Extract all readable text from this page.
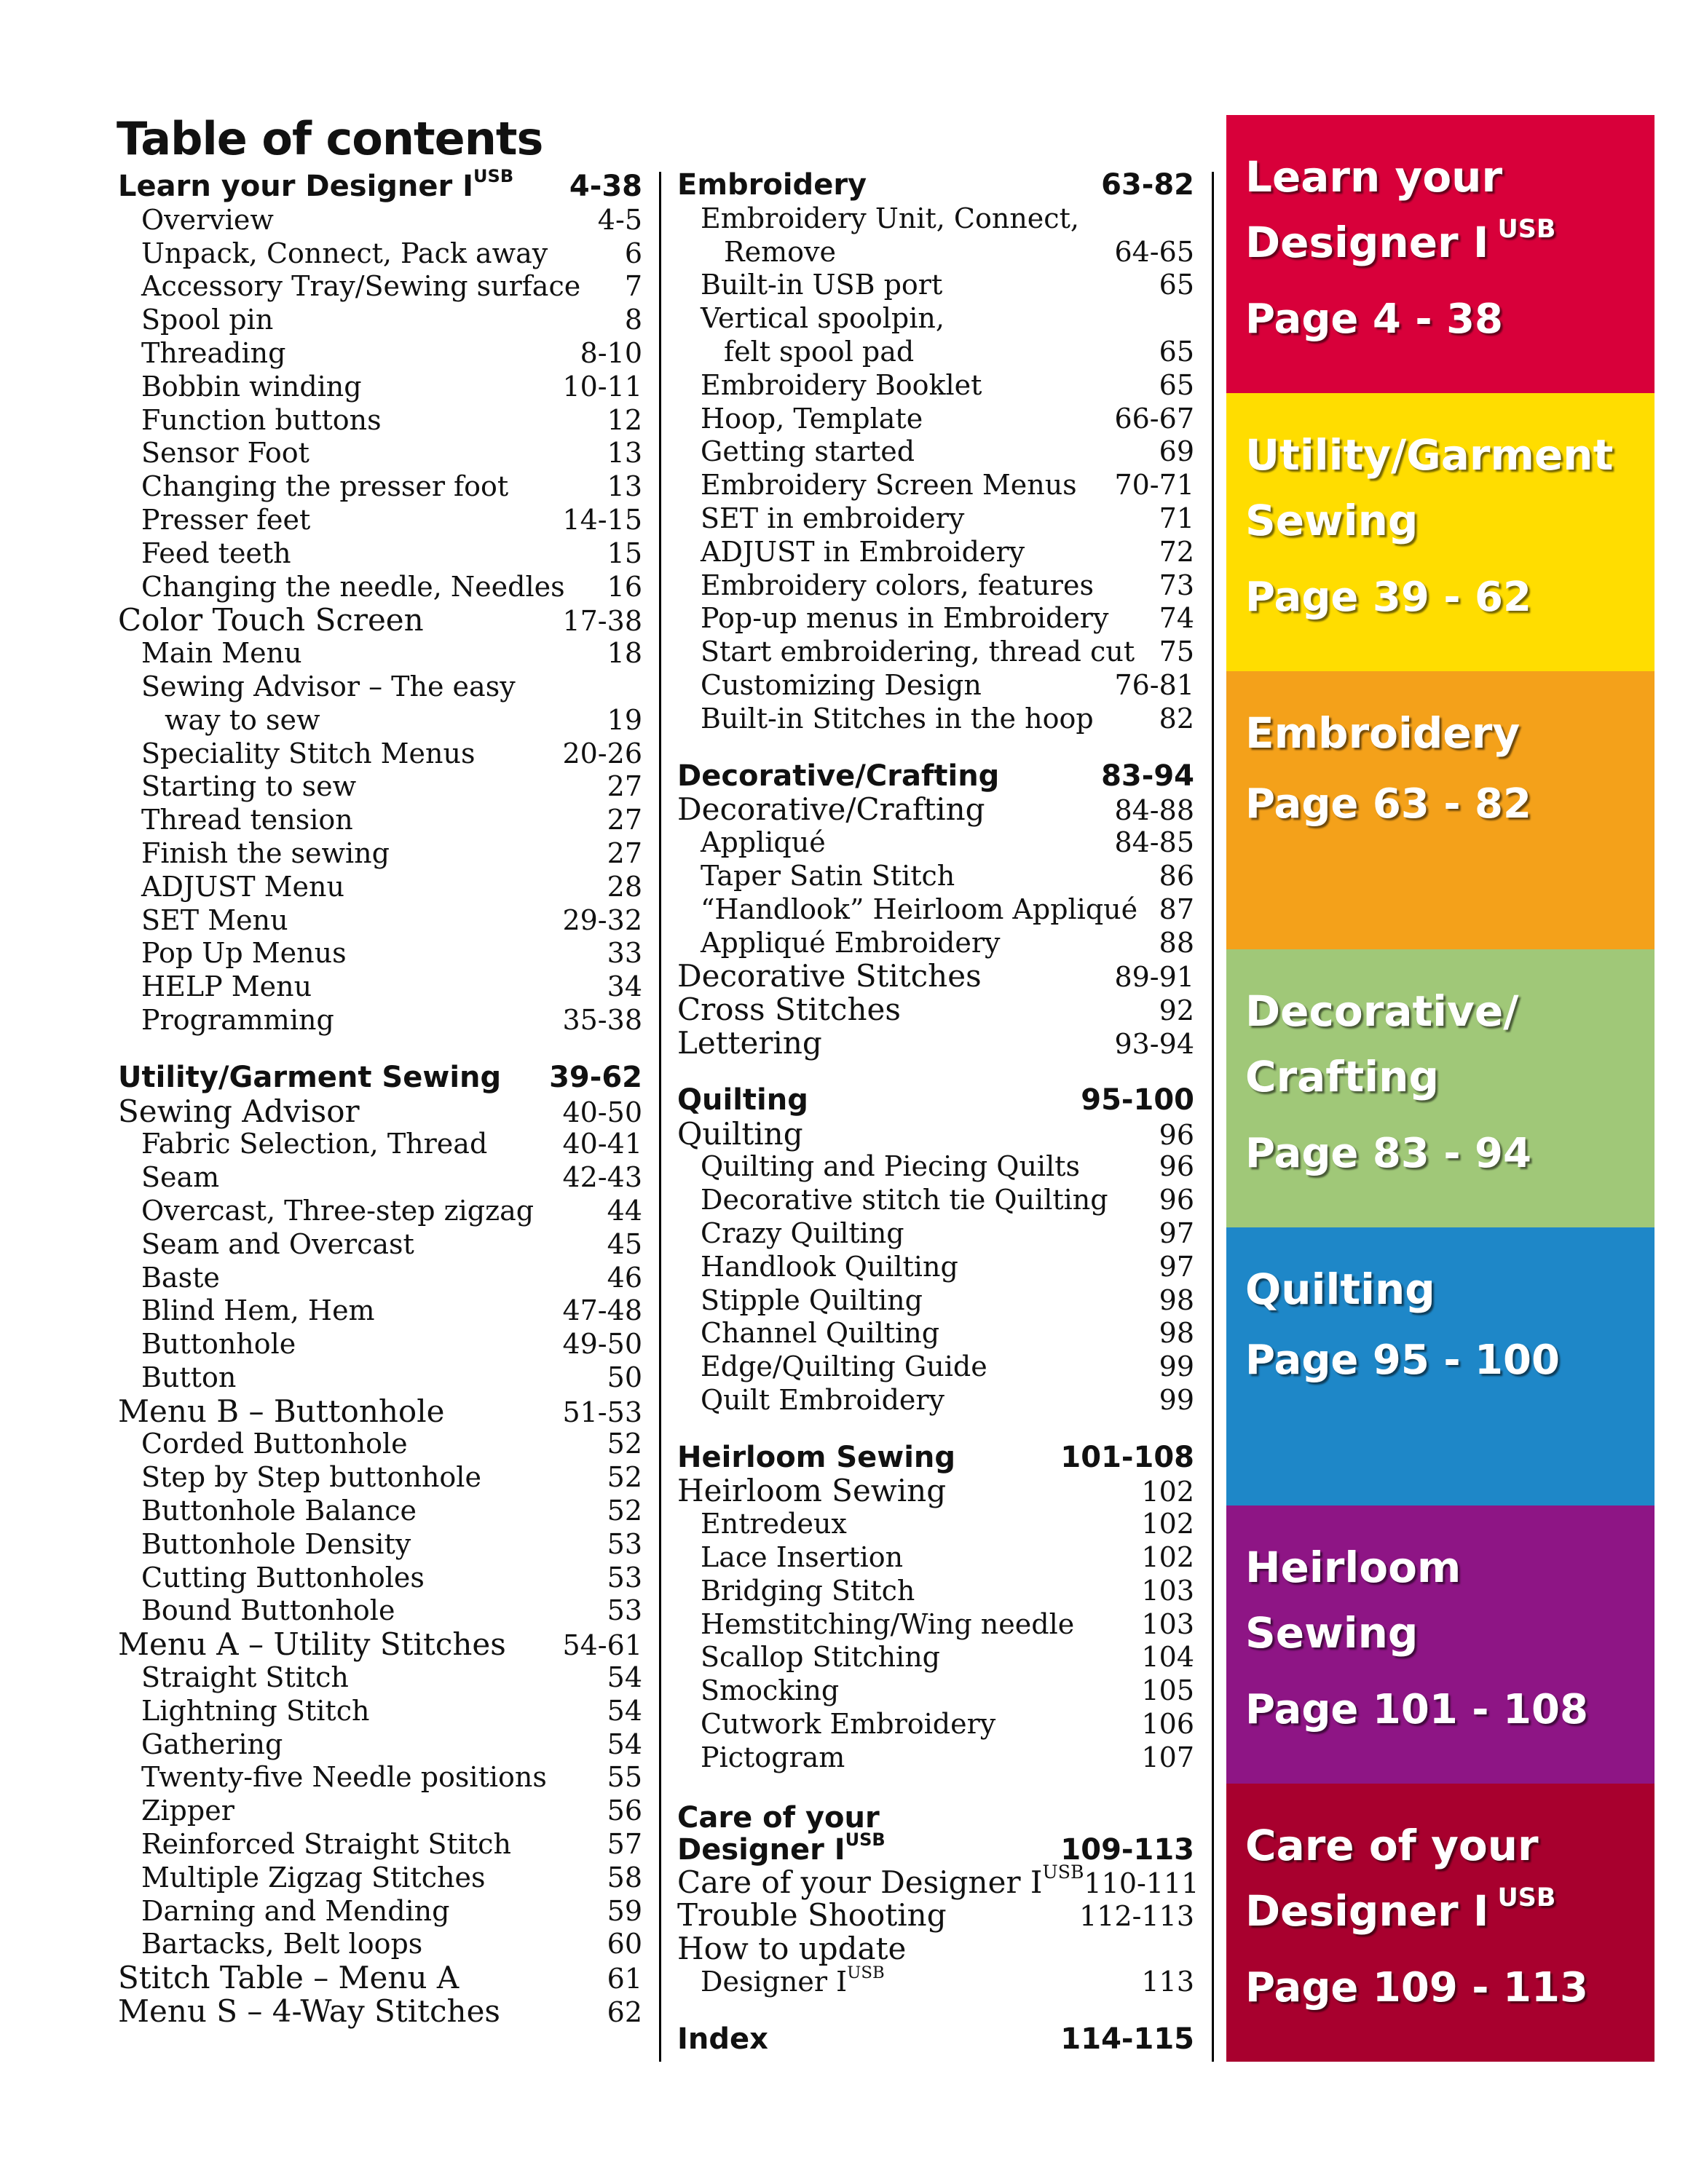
Table of contents
Learn your Designer $I^{USB}$	4-38
Overview	4-5
Unpack, Connect, Pack away	6
Accessory Tray/Sewing surface	7
Spool pin	8
Threading	8-10
Bobbin winding	10-11
Function buttons	12
Sensor Foot	13
Changing the presser foot	13
Presser feet	14-15
Feed teeth	15
Changing the needle, Needles	16
Color Touch Screen	17-38
Main Menu	18
Sewing Advisor – The easy
way to sew	19
Speciality Stitch Menus	20-26
Starting to sew	27
Thread tension	27
Finish the sewing	27
ADJUST Menu	28
SET Menu	29-32
Pop Up Menus	33
HELP Menu	34
Programming	35-38
Utility/Garment Sewing	39-62
Sewing Advisor	40-50
Fabric Selection, Thread	40-41
Seam	42-43
Overcast, Three-step zigzag	44
Seam and Overcast	45
Baste	46
Blind Hem, Hem	47-48
Buttonhole	49-50
Button	50
Menu B – Buttonhole	51-53
Corded Buttonhole	52
Step by Step buttonhole	52
Buttonhole Balance	52
Buttonhole Density	53
Cutting Buttonholes	53
Bound Buttonhole	53
Menu A – Utility Stitches	54-61
Straight Stitch	54
Lightning Stitch	54
Gathering	54
Twenty-five Needle positions	55
Zipper	56
Reinforced Straight Stitch	57
Multiple Zigzag Stitches	58
Darning and Mending	59
Bartacks, Belt loops	60
Stitch Table – Menu A	61
Menu S – 4-Way Stitches	62
Embroidery	63-82
Embroidery Unit, Connect,
Remove	64-65
Built-in USB port	65
Vertical spoolpin,
felt spool pad	65
Embroidery Booklet	65
Hoop, Template	66-67
Getting started	69
Embroidery Screen Menus	70-71
SET in embroidery	71
ADJUST in Embroidery	72
Embroidery colors, features	73
Pop-up menus in Embroidery	74
Start embroidering, thread cut 75
Customizing Design	76-81
Built-in Stitches in the hoop	82
Decorative/Crafting	83-94
Decorative/Crafting	84-88
Appliqué	84-85
Taper Satin Stitch	86
“Handlook” Heirloom Appliqué 87
Appliqué Embroidery	88
Decorative Stitches	89-91
Cross Stitches	92
Lettering	93-94
Quilting	95-100
Quilting	96
Quilting and Piecing Quilts	96
Decorative stitch tie Quilting	96
Crazy Quilting	97
Handlook Quilting	97
Stipple Quilting	98
Channel Quilting	98
Edge/Quilting Guide	99
Quilt Embroidery	99
Heirloom Sewing	101-108
Heirloom Sewing	102
Entredeux	102
Lace Insertion	102
Bridging Stitch	103
Hemstitching/Wing needle	103
Scallop Stitching	104
Smocking	105
Cutwork Embroidery	106
Pictogram	107
Care of your
Designer $I^{USB}$	109-113
Care of your Designer $I^{USB}$ 110-111
Trouble Shooting	112-113
How to update
Designer $I^{USB}$	113
Index	114-115
Learn your
Designer I $^{USB}$
Page 4 - 38
Utility/Garment
Sewing
Page 39 - 62
Embroidery
Page 63 - 82
Decorative/
Crafting
Page 83 - 94
Quilting
Page 95 - 100
Heirloom
Sewing
Page 101 - 108
Care of your
Designer I $^{USB}$
Page 109 - 113
